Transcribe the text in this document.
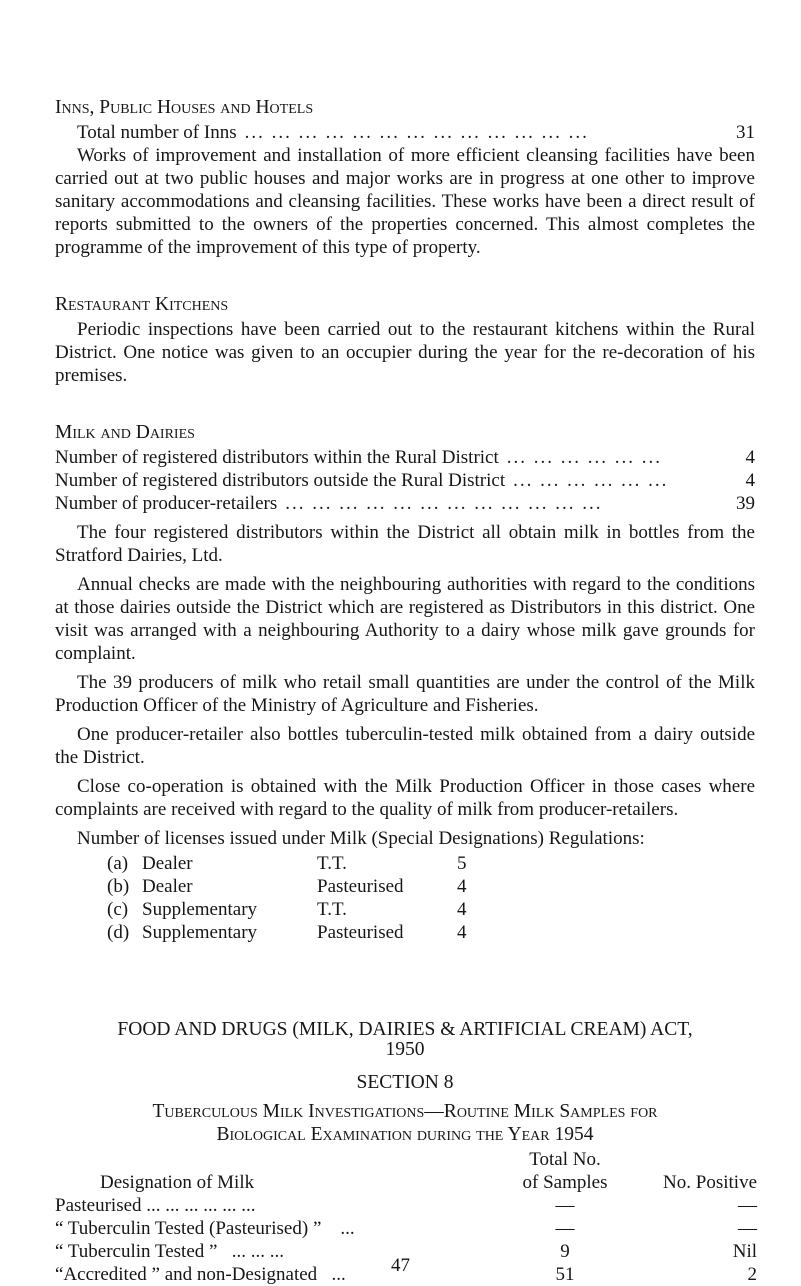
Inns, Public Houses and Hotels
Total number of Inns ... ... ... ... ... ... ... ... ... ... ... ... ...	31

Works of improvement and installation of more efficient cleansing facilities have been carried out at two public houses and major works are in progress at one other to improve sanitary accommodations and cleansing facilities. These works have been a direct result of reports submitted to the owners of the properties concerned. This almost completes the programme of the improvement of this type of property.

Restaurant Kitchens

Periodic inspections have been carried out to the restaurant kitchens within the Rural District. One notice was given to an occupier during the year for the re-decoration of his premises.

Milk and Dairies
Number of registered distributors within the Rural District ... ... ... ... ... ...	4
Number of registered distributors outside the Rural District ... ... ... ... ... ...	4
Number of producer-retailers ... ... ... ... ... ... ... ... ... ... ... ...	39

The four registered distributors within the District all obtain milk in bottles from the Stratford Dairies, Ltd.

Annual checks are made with the neighbouring authorities with regard to the conditions at those dairies outside the District which are registered as Distributors in this district. One visit was arranged with a neighbouring Authority to a dairy whose milk gave grounds for complaint.

The 39 producers of milk who retail small quantities are under the control of the Milk Production Officer of the Ministry of Agriculture and Fisheries.

One producer-retailer also bottles tuberculin-tested milk obtained from a dairy outside the District.

Close co-operation is obtained with the Milk Production Officer in those cases where complaints are received with regard to the quality of milk from producer-retailers.

Number of licenses issued under Milk (Special Designations) Regulations:
(a)	Dealer	T.T.	5
(b)	Dealer	Pasteurised	4
(c)	Supplementary	T.T.	4
(d)	Supplementary	Pasteurised	4
FOOD AND DRUGS (MILK, DAIRIES & ARTIFICIAL CREAM) ACT,
1950
SECTION 8
Tuberculous Milk Investigations—Routine Milk Samples for
Biological Examination during the Year 1954
	Total No.	
Designation of Milk	of Samples	No. Positive
Pasteurised ... ... ... ... ... ...	—	—
“ Tuberculin Tested (Pasteurised) ”    ...	—	—
“ Tuberculin Tested ”   ... ... ...	9	Nil
“Accredited ” and non-Designated   ...	51	2
47
